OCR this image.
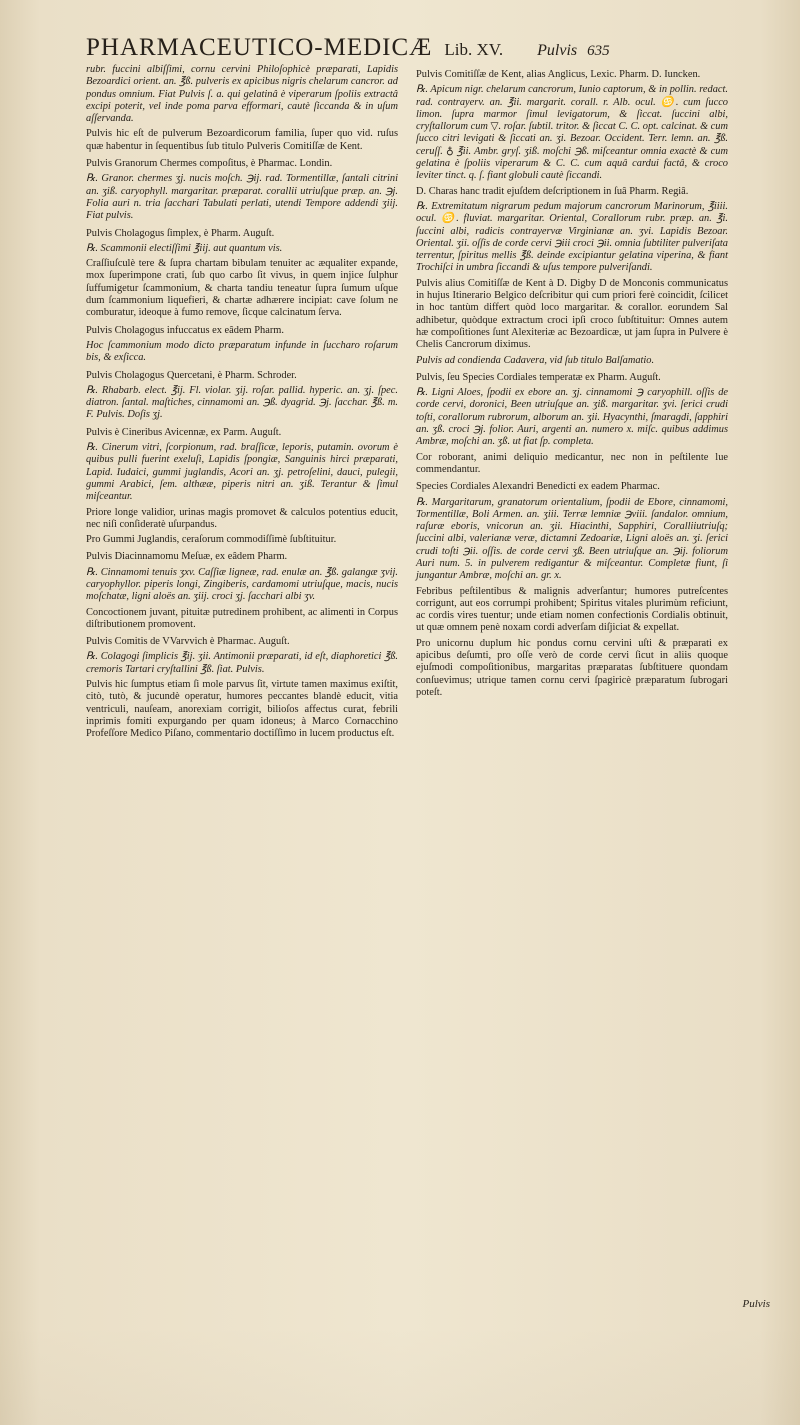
PHARMACEUTICO-MEDICÆ Lib. XV. Pulvis 635

rubr. fuccini albiſſimi, cornu cervini Philoſophicè præparati, Lapidis Bezoardici orient. an. ℥ß. pulveris ex apicibus nigris chelarum cancror. ad pondus omnium. Fiat Pulvis ſ. a. qui gelatinâ è viperarum ſpoliis extractâ excipi poterit, vel inde poma parva efformari, cautè ſiccanda & in uſum aſſervanda.

Pulvis hic eſt de pulverum Bezoardicorum familia, ſuper quo vid. ruſus quæ habentur in ſequentibus ſub titulo Pulveris Comitiſſæ de Kent.

Pulvis Granorum Chermes compoſitus, è Pharmac. Londin.

℞. Granor. chermes ʒj. nucis moſch. ℈ij. rad. Tormentillæ, ſantali citrini an. ʒiß. caryophyll. margaritar. præparat. corallii utriuſque præp. an. ℈j. Folia auri n. tria ſacchari Tabulati perlati, utendi Tempore addendi ʒiij. Fiat pulvis.

Pulvis Cholagogus ſimplex, è Pharm. Auguſt.

℞. Scammonii electiſſimi ℥iij. aut quantum vis.

Craſſiuſculè tere & ſupra chartam bibulam tenuiter ac æqualiter expande, mox ſuperimpone crati, ſub quo carbo ſit vivus, in quem injice ſulphur ſuffumigetur ſcammonium, & charta tandiu teneatur ſupra ſumum uſque dum ſcammonium liquefieri, & chartæ adhærere incipiat: cave ſolum ne comburatur, ideoque à fumo remove, ſicque calcinatum ſerva.

Pulvis Cholagogus infuccatus ex eâdem Pharm.

Hoc ſcammonium modo dicto præparatum infunde in ſuccharo roſarum bis, & exſicca.

Pulvis Cholagogus Quercetani, è Pharm. Schroder.

℞. Rhabarb. elect. ℥ij. Fl. violar. ʒij. roſar. pallid. hyperic. an. ʒj. ſpec. diatron. ſantal. maſtiches, cinnamomi an. ℈ß. dyagrid. ℈j. ſacchar. ℥ß. m. F. Pulvis. Doſis ʒj.

Pulvis è Cineribus Avicennæ, ex Parm. Auguſt.

℞. Cinerum vitri, ſcorpionum, rad. braſſicæ, leporis, putamin. ovorum è quibus pulli fuerint exeluſi, Lapidis ſpongiæ, Sanguinis hirci præparati, Lapid. Iudaici, gummi juglandis, Acori an. ʒj. petroſelini, dauci, pulegii, gummi Arabici, ſem. althææ, piperis nitri an. ʒiß. Terantur & ſimul miſceantur.

Priore longe validior, urinas magis promovet & calculos potentius educit, nec niſi conſideratè uſurpandus.

Pro Gummi Juglandis, ceraſorum commodiſſimè ſubſtituitur.

Pulvis Diacinnamomu Meſuæ, ex eâdem Pharm.

℞. Cinnamomi tenuis ʒxv. Caſſiæ ligneæ, rad. enulæ an. ℥ß. galangæ ʒvij. caryophyllor. piperis longi, Zingiberis, cardamomi utriuſque, macis, nucis moſchatæ, ligni aloës an. ʒiij. croci ʒj. ſacchari albi ʒv.

Concoctionem juvant, pituitæ putredinem prohibent, ac alimenti in Corpus diſtributionem promovent.

Pulvis Comitis de VVarvvich è Pharmac. Auguſt.

℞. Colagogi ſimplicis ℥ij. ʒii. Antimonii præparati, id eſt, diaphoretici ℥ß. cremoris Tartari cryſtallini ℥ß. ſiat. Pulvis.

Pulvis hic ſumptus etiam ſi mole parvus ſit, virtute tamen maximus exiſtit, citò, tutò, & jucundè operatur, humores peccantes blandè educit, vitia ventriculi, nauſeam, anorexiam corrigit, bilioſos affectus curat, febrili inprimis fomiti expurgando per quam idoneus; à Marco Cornacchino Profeſſore Medico Piſano, commentario doctiſſimo in lucem productus eſt.

Pulvis Comitiſſæ de Kent, alias Anglicus, Lexic. Pharm. D. Iuncken.

℞. Apicum nigr. chelarum cancrorum, Iunio captorum, & in pollin. redact. rad. contrayerv. an. ℥ii. margarit. corall. r. Alb. ocul. ♋. cum ſucco limon. ſupra marmor ſimul levigatorum, & ſiccat. ſuccini albi, cryſtallorum cum ▽. roſar. ſubtil. tritor. & ſiccat C. C. opt. calcinat. & cum ſucco citri levigati & ſiccati an. ʒi. Bezoar. Occident. Terr. lemn. an. ℥ß. ceruſſ. ♁ ℥ii. Ambr. gryſ. ʒiß. moſchi ℈ß. miſceantur omnia exactè & cum gelatina è ſpoliis viperarum & C. C. cum aquâ cardui factâ, & croco leviter tinct. q. ſ. fiant globuli cautè ſiccandi.

D. Charas hanc tradit ejuſdem deſcriptionem in ſuâ Pharm. Regiâ.

℞. Extremitatum nigrarum pedum majorum cancrorum Marinorum, ℥iiii. ocul. ♋. fluviat. margaritar. Oriental, Corallorum rubr. præp. an. ℥i. ſuccini albi, radicis contrayervæ Virginianæ an. ʒvi. Lapidis Bezoar. Oriental. ʒii. oſſis de corde cervi ℈iii croci ℈ii. omnia ſubtiliter pulveriſata terrentur, ſpiritus mellis ℥ß. deinde excipiantur gelatina viperina, & fiant Trochiſci in umbra ſiccandi & uſus tempore pulveriſandi.

Pulvis alius Comitiſſæ de Kent à D. Digby D de Monconis communicatus in hujus Itinerario Belgico deſcribitur qui cum priori ferè coincidit, ſcilicet in hoc tantùm differt quòd loco margaritar. & corallor. eorundem Sal adhibetur, quòdque extractum croci ipſi croco ſubſtituitur: Omnes autem hæ compoſitiones ſunt Alexiteriæ ac Bezoardicæ, ut jam ſupra in Pulvere è Chelis Cancrorum diximus.

Pulvis ad condienda Cadavera, vid ſub titulo Balſamatio.

Pulvis, ſeu Species Cordiales temperatæ ex Pharm. Auguſt.

℞. Ligni Aloes, ſpodii ex ebore an. ʒj. cinnamomi ℈ caryophill. oſſis de corde cervi, doronici, Been utriuſque an. ʒiß. margaritar. ʒvi. ſerici crudi toſti, corallorum rubrorum, alborum an. ʒii. Hyacynthi, ſmaragdi, ſapphiri an. ʒß. croci ℈j. folior. Auri, argenti an. numero x. miſc. quibus addimus Ambræ, moſchi an. ʒß. ut fiat ſp. completa.

Cor roborant, animi deliquio medicantur, nec non in peſtilente lue commendantur.

Species Cordiales Alexandri Benedicti ex eadem Pharmac.

℞. Margaritarum, granatorum orientalium, ſpodii de Ebore, cinnamomi, Tormentillæ, Boli Armen. an. ʒiii. Terræ lemniæ ℈viii. ſandalor. omnium, raſuræ eboris, vnicorun an. ʒii. Hiacinthi, Sapphiri, Coralliiutriuſq; ſuccini albi, valerianæ veræ, dictamni Zedoariæ, Ligni aloës an. ʒi. ſerici crudi toſti ℈ii. oſſis. de corde cervi ʒß. Been utriuſque an. ℈ij. foliorum Auri num. 5. in pulverem redigantur & miſceantur. Completæ fiunt, ſi jungantur Ambræ, moſchi an. gr. x.

Febribus peſtilentibus & malignis adverſantur; humores putreſcentes corrigunt, aut eos corrumpi prohibent; Spiritus vitales plurimùm reficiunt, ac cordis vires tuentur; unde etiam nomen confectionis Cordialis obtinuit, ut quæ omnem penè noxam cordi adverſam diſjiciat & expellat.

Pro unicornu duplum hic pondus cornu cervini uſti & præparati ex apicibus deſumti, pro oſſe verò de corde cervi ſicut in aliis quoque ejuſmodi compoſitionibus, margaritas præparatas ſubſtituere quondam conſuevimus; utrique tamen cornu cervi ſpagiricè præparatum ſubrogari poteſt.

Pulvis
